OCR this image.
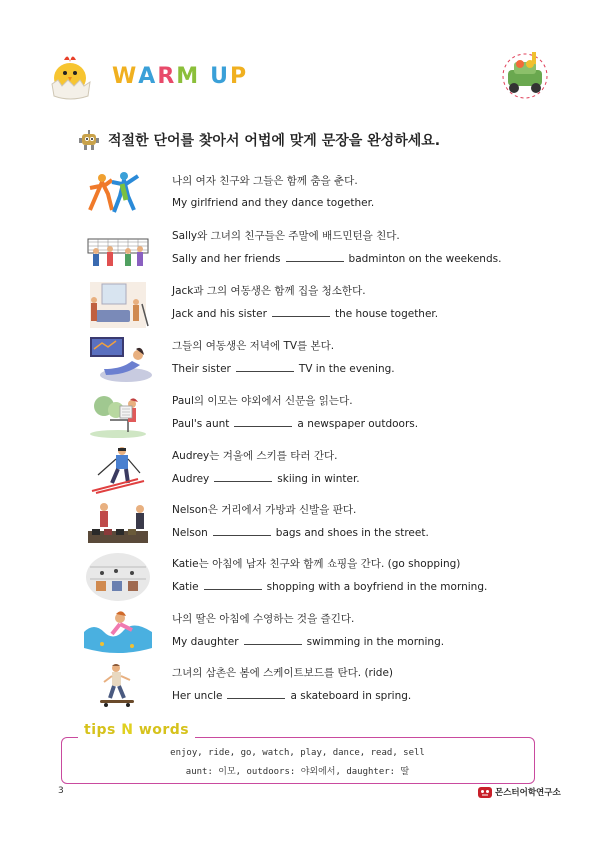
WARM UP
적절한 단어를 찾아서 어법에 맞게 문장을 완성하세요.
나의 여자 친구와 그들은 함께 춤을 춘다.
My girlfriend and they dance together.
Sally와 그녀의 친구들은 주말에 배드민턴을 친다.
Sally and her friends	badminton on the weekends.
Jack과 그의 여동생은 함께 집을 청소한다.
Jack and his sister	the house together.
그들의 여동생은 저녁에 TV를 본다.
Their sister	TV in the evening.
Paul의 이모는 야외에서 신문을 읽는다.
Paul's aunt	a newspaper outdoors.
Audrey는 겨울에 스키를 타러 간다.
Audrey	skiing in winter.
Nelson은 거리에서 가방과 신발을 판다.
Nelson	bags and shoes in the street.
Katie는 아침에 남자 친구와 함께 쇼핑을 간다. (go shopping)
Katie	shopping with a boyfriend in the morning.
나의 딸은 아침에 수영하는 것을 즐긴다.
My daughter	swimming in the morning.
그녀의 삼촌은 봄에 스케이트보드를 탄다. (ride)
Her uncle	a skateboard in spring.
tips N words
enjoy, ride, go, watch, play, dance, read, sell
aunt: 이모, outdoors: 야외에서, daughter: 딸
3	몬스터어학연구소
